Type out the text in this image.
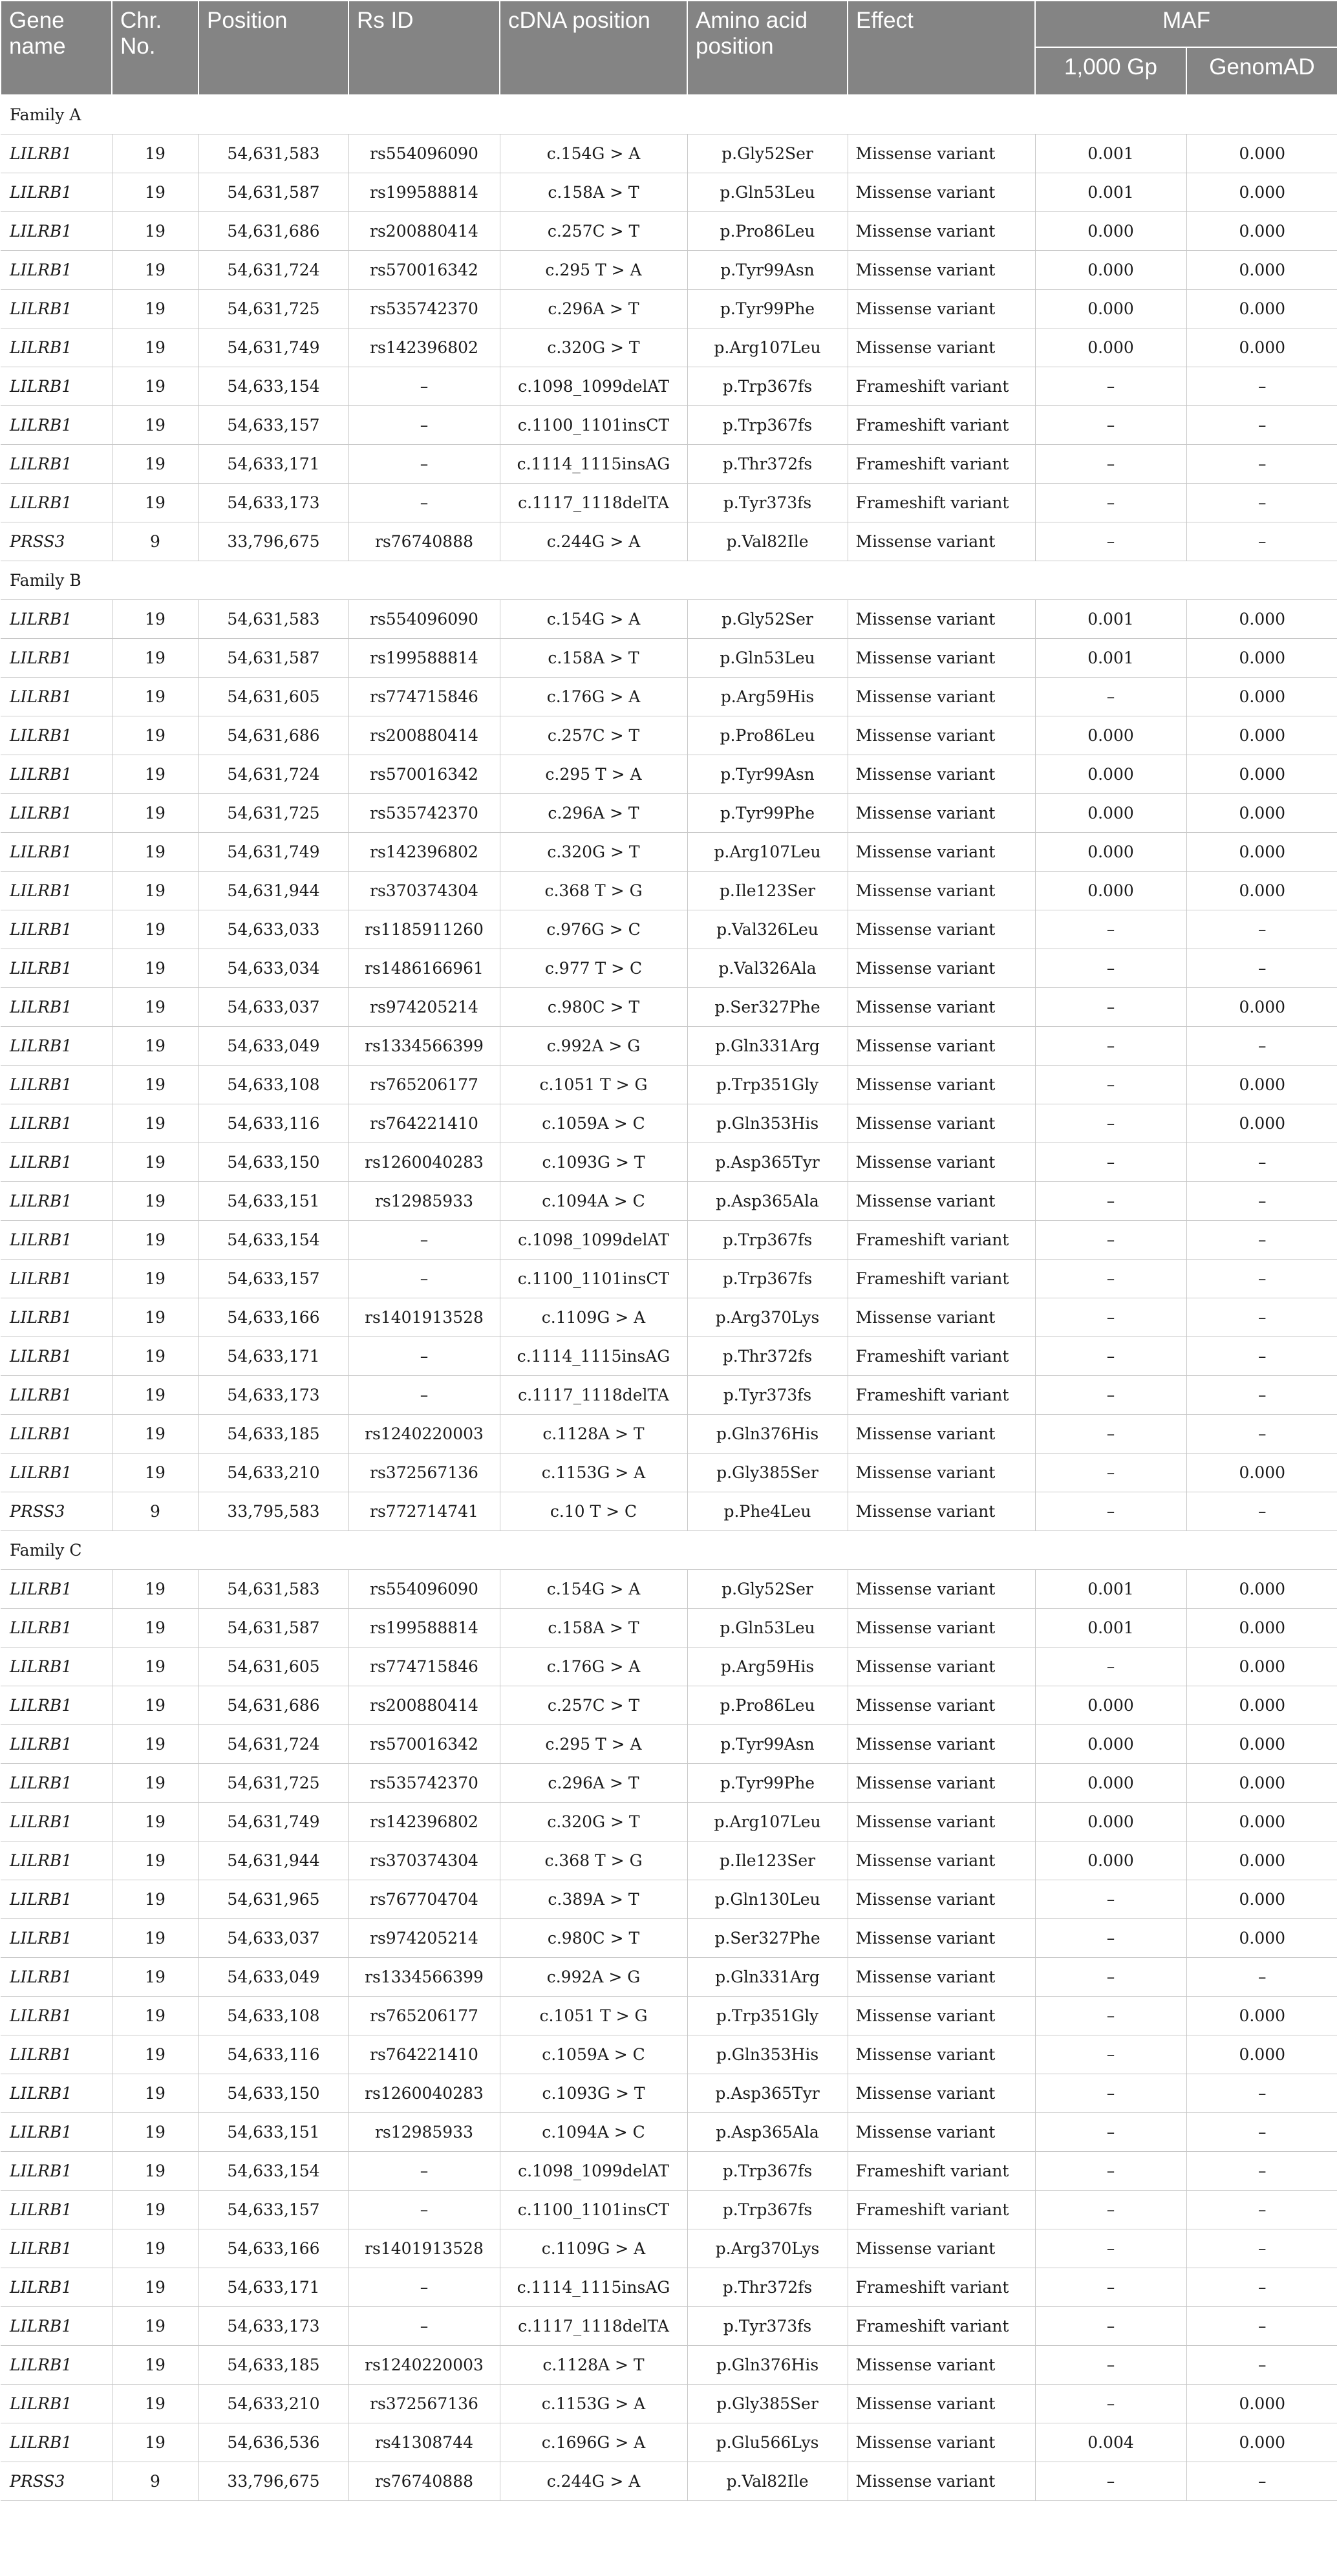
Gene name	Chr. No.	Position	Rs ID	cDNA position	Amino acid position	Effect	MAF	
							1,000 Gp	GenomAD
Family A								
LILRB1	19	54,631,583	rs554096090	c.154G > A	p.Gly52Ser	Missense variant	0.001	0.000
LILRB1	19	54,631,587	rs199588814	c.158A > T	p.Gln53Leu	Missense variant	0.001	0.000
LILRB1	19	54,631,686	rs200880414	c.257C > T	p.Pro86Leu	Missense variant	0.000	0.000
LILRB1	19	54,631,724	rs570016342	c.295 T > A	p.Tyr99Asn	Missense variant	0.000	0.000
LILRB1	19	54,631,725	rs535742370	c.296A > T	p.Tyr99Phe	Missense variant	0.000	0.000
LILRB1	19	54,631,749	rs142396802	c.320G > T	p.Arg107Leu	Missense variant	0.000	0.000
LILRB1	19	54,633,154	–	c.1098_1099delAT	p.Trp367fs	Frameshift variant	–	–
LILRB1	19	54,633,157	–	c.1100_1101insCT	p.Trp367fs	Frameshift variant	–	–
LILRB1	19	54,633,171	–	c.1114_1115insAG	p.Thr372fs	Frameshift variant	–	–
LILRB1	19	54,633,173	–	c.1117_1118delTA	p.Tyr373fs	Frameshift variant	–	–
PRSS3	9	33,796,675	rs76740888	c.244G > A	p.Val82Ile	Missense variant	–	–
Family B								
LILRB1	19	54,631,583	rs554096090	c.154G > A	p.Gly52Ser	Missense variant	0.001	0.000
LILRB1	19	54,631,587	rs199588814	c.158A > T	p.Gln53Leu	Missense variant	0.001	0.000
LILRB1	19	54,631,605	rs774715846	c.176G > A	p.Arg59His	Missense variant	–	0.000
LILRB1	19	54,631,686	rs200880414	c.257C > T	p.Pro86Leu	Missense variant	0.000	0.000
LILRB1	19	54,631,724	rs570016342	c.295 T > A	p.Tyr99Asn	Missense variant	0.000	0.000
LILRB1	19	54,631,725	rs535742370	c.296A > T	p.Tyr99Phe	Missense variant	0.000	0.000
LILRB1	19	54,631,749	rs142396802	c.320G > T	p.Arg107Leu	Missense variant	0.000	0.000
LILRB1	19	54,631,944	rs370374304	c.368 T > G	p.Ile123Ser	Missense variant	0.000	0.000
LILRB1	19	54,633,033	rs1185911260	c.976G > C	p.Val326Leu	Missense variant	–	–
LILRB1	19	54,633,034	rs1486166961	c.977 T > C	p.Val326Ala	Missense variant	–	–
LILRB1	19	54,633,037	rs974205214	c.980C > T	p.Ser327Phe	Missense variant	–	0.000
LILRB1	19	54,633,049	rs1334566399	c.992A > G	p.Gln331Arg	Missense variant	–	–
LILRB1	19	54,633,108	rs765206177	c.1051 T > G	p.Trp351Gly	Missense variant	–	0.000
LILRB1	19	54,633,116	rs764221410	c.1059A > C	p.Gln353His	Missense variant	–	0.000
LILRB1	19	54,633,150	rs1260040283	c.1093G > T	p.Asp365Tyr	Missense variant	–	–
LILRB1	19	54,633,151	rs12985933	c.1094A > C	p.Asp365Ala	Missense variant	–	–
LILRB1	19	54,633,154	–	c.1098_1099delAT	p.Trp367fs	Frameshift variant	–	–
LILRB1	19	54,633,157	–	c.1100_1101insCT	p.Trp367fs	Frameshift variant	–	–
LILRB1	19	54,633,166	rs1401913528	c.1109G > A	p.Arg370Lys	Missense variant	–	–
LILRB1	19	54,633,171	–	c.1114_1115insAG	p.Thr372fs	Frameshift variant	–	–
LILRB1	19	54,633,173	–	c.1117_1118delTA	p.Tyr373fs	Frameshift variant	–	–
LILRB1	19	54,633,185	rs1240220003	c.1128A > T	p.Gln376His	Missense variant	–	–
LILRB1	19	54,633,210	rs372567136	c.1153G > A	p.Gly385Ser	Missense variant	–	0.000
PRSS3	9	33,795,583	rs772714741	c.10 T > C	p.Phe4Leu	Missense variant	–	–
Family C								
LILRB1	19	54,631,583	rs554096090	c.154G > A	p.Gly52Ser	Missense variant	0.001	0.000
LILRB1	19	54,631,587	rs199588814	c.158A > T	p.Gln53Leu	Missense variant	0.001	0.000
LILRB1	19	54,631,605	rs774715846	c.176G > A	p.Arg59His	Missense variant	–	0.000
LILRB1	19	54,631,686	rs200880414	c.257C > T	p.Pro86Leu	Missense variant	0.000	0.000
LILRB1	19	54,631,724	rs570016342	c.295 T > A	p.Tyr99Asn	Missense variant	0.000	0.000
LILRB1	19	54,631,725	rs535742370	c.296A > T	p.Tyr99Phe	Missense variant	0.000	0.000
LILRB1	19	54,631,749	rs142396802	c.320G > T	p.Arg107Leu	Missense variant	0.000	0.000
LILRB1	19	54,631,944	rs370374304	c.368 T > G	p.Ile123Ser	Missense variant	0.000	0.000
LILRB1	19	54,631,965	rs767704704	c.389A > T	p.Gln130Leu	Missense variant	–	0.000
LILRB1	19	54,633,037	rs974205214	c.980C > T	p.Ser327Phe	Missense variant	–	0.000
LILRB1	19	54,633,049	rs1334566399	c.992A > G	p.Gln331Arg	Missense variant	–	–
LILRB1	19	54,633,108	rs765206177	c.1051 T > G	p.Trp351Gly	Missense variant	–	0.000
LILRB1	19	54,633,116	rs764221410	c.1059A > C	p.Gln353His	Missense variant	–	0.000
LILRB1	19	54,633,150	rs1260040283	c.1093G > T	p.Asp365Tyr	Missense variant	–	–
LILRB1	19	54,633,151	rs12985933	c.1094A > C	p.Asp365Ala	Missense variant	–	–
LILRB1	19	54,633,154	–	c.1098_1099delAT	p.Trp367fs	Frameshift variant	–	–
LILRB1	19	54,633,157	–	c.1100_1101insCT	p.Trp367fs	Frameshift variant	–	–
LILRB1	19	54,633,166	rs1401913528	c.1109G > A	p.Arg370Lys	Missense variant	–	–
LILRB1	19	54,633,171	–	c.1114_1115insAG	p.Thr372fs	Frameshift variant	–	–
LILRB1	19	54,633,173	–	c.1117_1118delTA	p.Tyr373fs	Frameshift variant	–	–
LILRB1	19	54,633,185	rs1240220003	c.1128A > T	p.Gln376His	Missense variant	–	–
LILRB1	19	54,633,210	rs372567136	c.1153G > A	p.Gly385Ser	Missense variant	–	0.000
LILRB1	19	54,636,536	rs41308744	c.1696G > A	p.Glu566Lys	Missense variant	0.004	0.000
PRSS3	9	33,796,675	rs76740888	c.244G > A	p.Val82Ile	Missense variant	–	–
